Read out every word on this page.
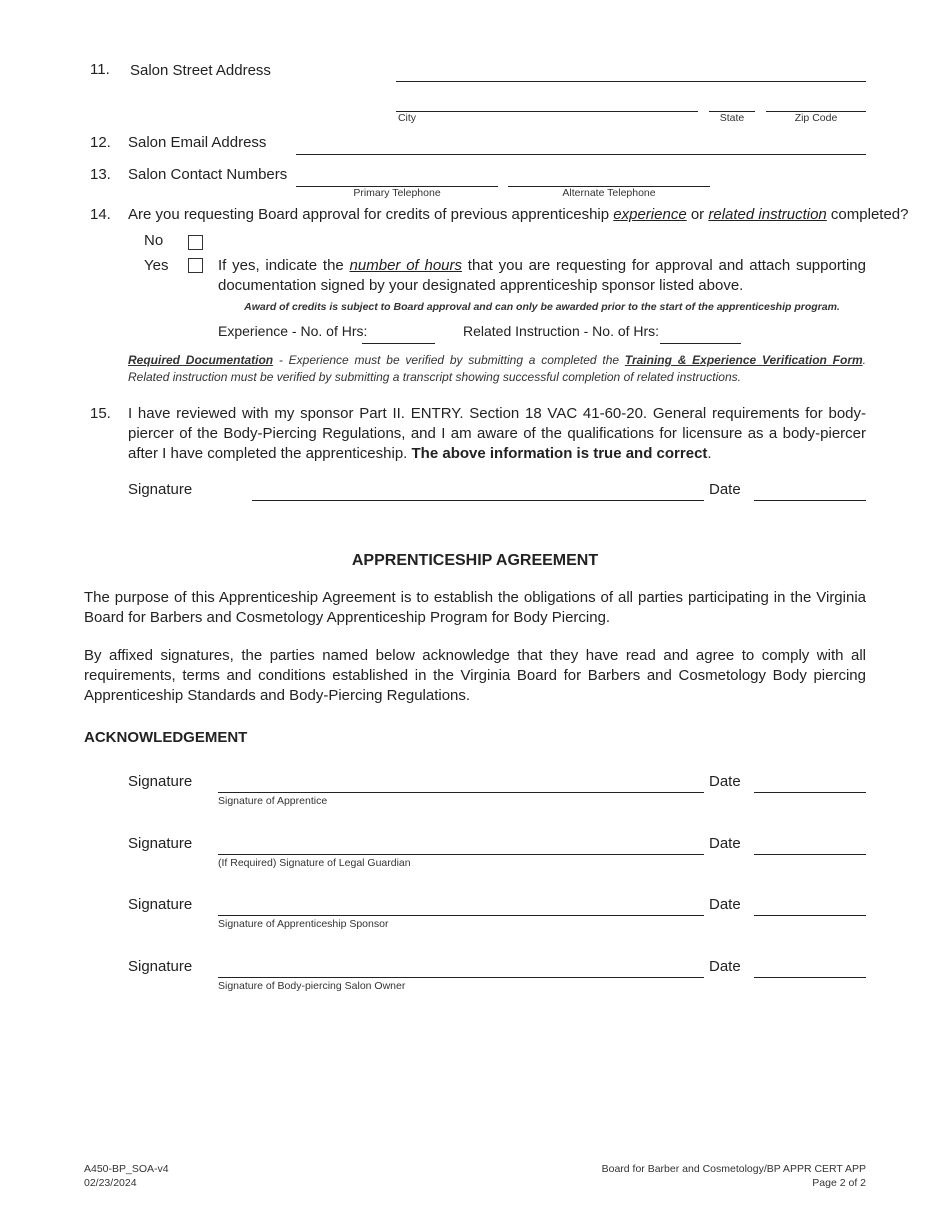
11. Salon Street Address
City	State	Zip Code
12. Salon Email Address
13. Salon Contact Numbers
Primary Telephone	Alternate Telephone
14. Are you requesting Board approval for credits of previous apprenticeship experience or related instruction completed?
No
Yes	If yes, indicate the number of hours that you are requesting for approval and attach supporting documentation signed by your designated apprenticeship sponsor listed above.
Award of credits is subject to Board approval and can only be awarded prior to the start of the apprenticeship program.
Experience - No. of Hrs:	Related Instruction - No. of Hrs:
Required Documentation - Experience must be verified by submitting a completed the Training & Experience Verification Form. Related instruction must be verified by submitting a transcript showing successful completion of related instructions.
15. I have reviewed with my sponsor Part II. ENTRY. Section 18 VAC 41-60-20. General requirements for body-piercer of the Body-Piercing Regulations, and I am aware of the qualifications for licensure as a body-piercer after I have completed the apprenticeship. The above information is true and correct.
Signature	Date
APPRENTICESHIP AGREEMENT
The purpose of this Apprenticeship Agreement is to establish the obligations of all parties participating in the Virginia Board for Barbers and Cosmetology Apprenticeship Program for Body Piercing.
By affixed signatures, the parties named below acknowledge that they have read and agree to comply with all requirements, terms and conditions established in the Virginia Board for Barbers and Cosmetology Body piercing Apprenticeship Standards and Body-Piercing Regulations.
ACKNOWLEDGEMENT
Signature
Signature of Apprentice
Date
Signature
(If Required) Signature of Legal Guardian
Date
Signature
Signature of Apprenticeship Sponsor
Date
Signature
Signature of Body-piercing Salon Owner
Date
A450-BP_SOA-v4
02/23/2024
Board for Barber and Cosmetology/BP APPR CERT APP
Page 2 of 2
